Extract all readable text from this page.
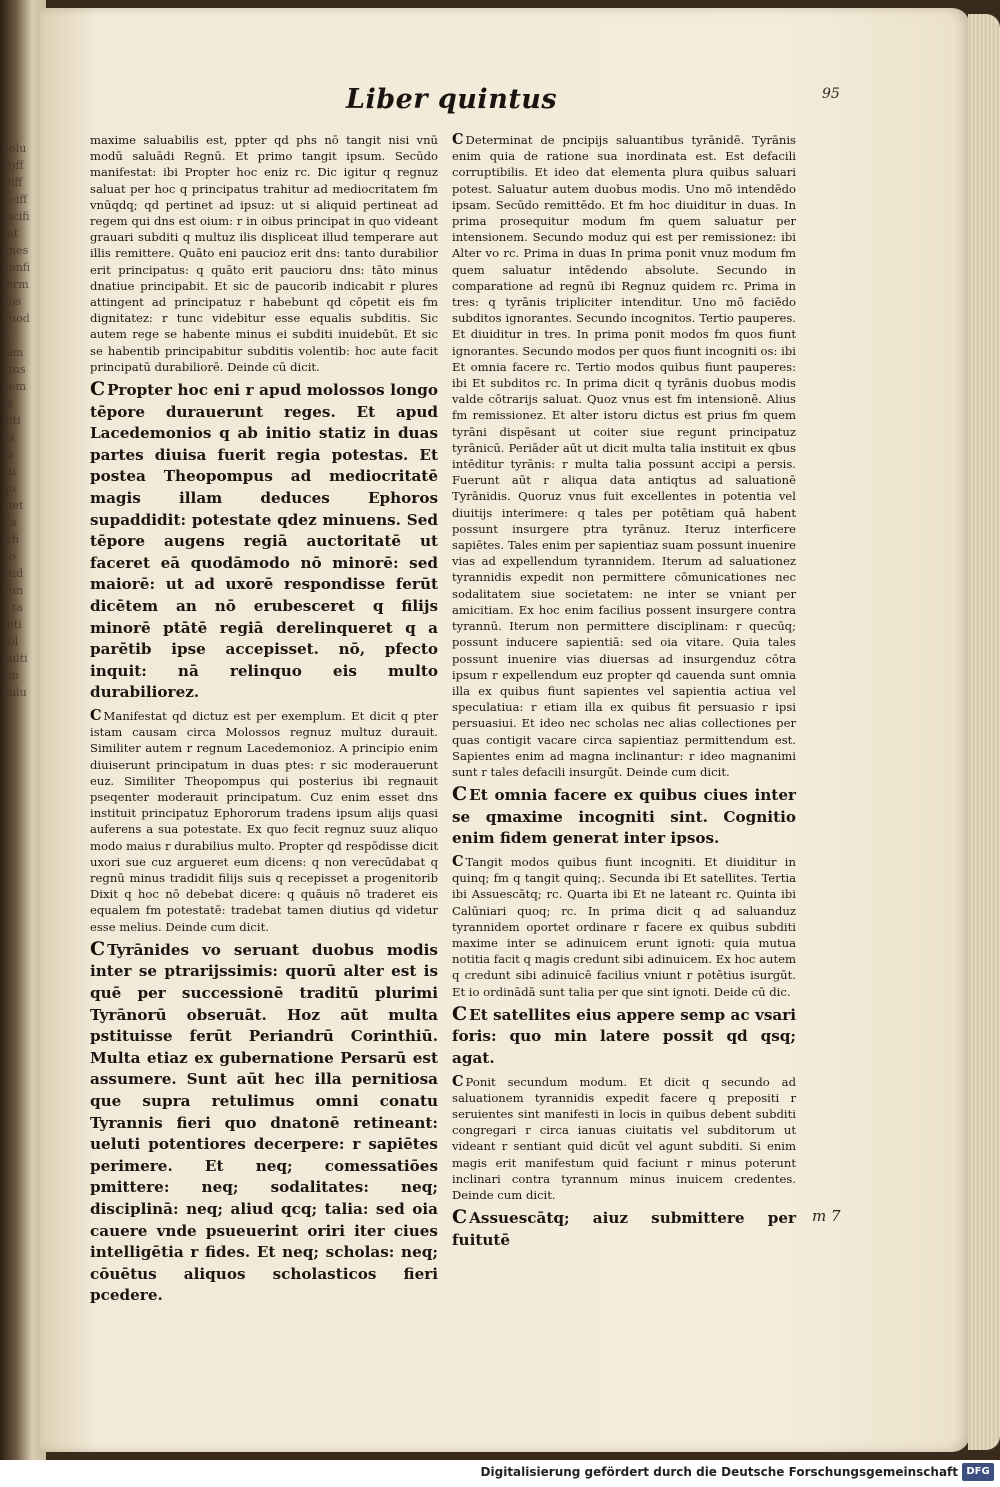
nolu
Poff
Diff
noiff
uicifi
rat
nnes
nonfi
term
nos
quod
fi
fam
etus
nem
ta
uiti
us
fu
bu
qu
met
Ca
lyfi
Lo
pud
qun
e ta
reti
col
nulti
am
nulu
Liber quintus	95

maxime saluabilis est, ppter qd phs nō tangit nisi vnū modū saluādi Regnū. Et primo tangit ipsum. Secūdo manifestat: ibi Propter hoc eniz rc. Dic igitur q regnuz saluat per hoc q principatus trahitur ad mediocritatem fm vnūqdq; qd pertinet ad ipsuz: ut si aliquid pertineat ad regem qui dns est oium: r in oibus principat in quo videant grauari subditi q multuz ilis displiceat illud temperare aut illis remittere. Quāto eni paucioz erit dns: tanto durabilior erit principatus: q quāto erit paucioru dns: tāto minus dnatiue principabit. Et sic de paucorib indicabit r plures attingent ad principatuz r habebunt qd cōpetit eis fm dignitatez: r tunc videbitur esse equalis subditis. Sic autem rege se habente minus ei subditi inuidebūt. Et sic se habentib principabitur subditis volentib: hoc aute facit principatū durabiliorē. Deinde cū dicit.

C Propter hoc eni r apud molossos longo tēpore durauerunt reges. Et apud Lacedemonios q ab initio statiz in duas partes diuisa fuerit regia potestas. Et postea Theopompus ad mediocritatē magis illam deduces Ephoros supaddidit: potestate qdez minuens. Sed tēpore augens regiā auctoritatē ut faceret eā quodāmodo nō minorē: sed maiorē: ut ad uxorē respondisse ferūt dicētem an nō erubesceret q filijs minorē ptātē regiā derelinqueret q a parētib ipse accepisset. nō, pfecto inquit: nā relinquo eis multo durabiliorez.

C Manifestat qd dictuz est per exemplum. Et dicit q pter istam causam circa Molossos regnuz multuz durauit. Similiter autem r regnum Lacedemonioz. A principio enim diuiserunt principatum in duas ptes: r sic moderauerunt euz. Similiter Theopompus qui posterius ibi regnauit pseqenter moderauit principatum. Cuz enim esset dns instituit principatuz Ephororum tradens ipsum alijs quasi auferens a sua potestate. Ex quo fecit regnuz suuz aliquo modo maius r durabilius multo. Propter qd respōdisse dicit uxori sue cuz argueret eum dicens: q non verecūdabat q regnū minus tradidit filijs suis q recepisset a progenitorib Dixit q hoc nō debebat dicere: q quāuis nō traderet eis equalem fm potestatē: tradebat tamen diutius qd videtur esse melius. Deinde cum dicit.

C Tyrānides vo seruant duobus modis inter se ptrarijssimis: quorū alter est is quē per successionē traditū plurimi Tyrānorū obseruāt. Hoz aūt multa pstituisse ferūt Periandrū Corinthiū. Multa etiaz ex gubernatione Persarū est assumere. Sunt aūt hec illa pernitiosa que supra retulimus omni conatu Tyrannis fieri quo dnatonē retineant: ueluti potentiores decerpere: r sapiētes perimere. Et neq; comessatiōes pmittere: neq; sodalitates: neq; disciplinā: neq; aliud qcq; talia: sed oia cauere vnde psueuerint oriri iter ciues intelligētia r fides. Et neq; scholas: neq; cōuētus aliquos scholasticos fieri pcedere.

C Determinat de pncipijs saluantibus tyrānidē. Tyrānis enim quia de ratione sua inordinata est. Est defacili corruptibilis. Et ideo dat elementa plura quibus saluari potest. Saluatur autem duobus modis. Uno mō intendēdo ipsam. Secūdo remittēdo. Et fm hoc diuiditur in duas. In prima prosequitur modum fm quem saluatur per intensionem. Secundo moduz qui est per remissionez: ibi Alter vo rc. Prima in duas In prima ponit vnuz modum fm quem saluatur intēdendo absolute. Secundo in comparatione ad regnū ibi Regnuz quidem rc. Prima in tres: q tyrānis tripliciter intenditur. Uno mō faciēdo subditos ignorantes. Secundo incognitos. Tertio pauperes. Et diuiditur in tres. In prima ponit modos fm quos fiunt ignorantes. Secundo modos per quos fiunt incogniti os: ibi Et omnia facere rc. Tertio modos quibus fiunt pauperes: ibi Et subditos rc. In prima dicit q tyrānis duobus modis valde cōtrarijs saluat. Quoz vnus est fm intensionē. Alius fm remissionez. Et alter istoru dictus est prius fm quem tyrāni dispēsant ut coiter siue regunt principatuz tyrānicū. Periāder aūt ut dicit multa talia instituit ex qbus intēditur tyrānis: r multa talia possunt accipi a persis. Fuerunt aūt r aliqua data antiqtus ad saluationē Tyrānidis. Quoruz vnus fuit excellentes in potentia vel diuitijs interimere: q tales per potētiam quā habent possunt insurgere ptra tyrānuz. Iteruz interficere sapiētes. Tales enim per sapientiaz suam possunt inuenire vias ad expellendum tyrannidem. Iterum ad saluationez tyrannidis expedit non permittere cōmunicationes nec sodalitatem siue societatem: ne inter se vniant per amicitiam. Ex hoc enim facilius possent insurgere contra tyrannū. Iterum non permittere disciplinam: r quecūq; possunt inducere sapientiā: sed oia vitare. Quia tales possunt inuenire vias diuersas ad insurgenduz cōtra ipsum r expellendum euz propter qd cauenda sunt omnia illa ex quibus fiunt sapientes vel sapientia actiua vel speculatiua: r etiam illa ex quibus fit persuasio r ipsi persuasiui. Et ideo nec scholas nec alias collectiones per quas contigit vacare circa sapientiaz permittendum est. Sapientes enim ad magna inclinantur: r ideo magnanimi sunt r tales defacili insurgūt. Deinde cum dicit.

C Et omnia facere ex quibus ciues inter se qmaxime incogniti sint. Cognitio enim fidem generat inter ipsos.

C Tangit modos quibus fiunt incogniti. Et diuiditur in quinq; fm q tangit quinq;. Secunda ibi Et satellites. Tertia ibi Assuescātq; rc. Quarta ibi Et ne lateant rc. Quinta ibi Calūniari quoq; rc. In prima dicit q ad saluanduz tyrannidem oportet ordinare r facere ex quibus subditi maxime inter se adinuicem erunt ignoti: quia mutua notitia facit q magis credunt sibi adinuicem. Ex hoc autem q credunt sibi adinuicē facilius vniunt r potētius isurgūt. Et io ordinādā sunt talia per que sint ignoti. Deide cū dic.

C Et satellites eius appere semp ac vsari foris: quo min latere possit qd qsq; agat.

C Ponit secundum modum. Et dicit q secundo ad saluationem tyrannidis expedit facere q prepositi r seruientes sint manifesti in locis in quibus debent subditi congregari r circa ianuas ciuitatis vel subditorum ut videant r sentiant quid dicūt vel agunt subditi. Si enim magis erit manifestum quid faciunt r minus poterunt inclinari contra tyrannum minus inuicem credentes. Deinde cum dicit.

C Assuescātq; aiuz submittere per fuitutē

m 7
Digitalisierung gefördert durch die Deutsche Forschungsgemeinschaft DFG
